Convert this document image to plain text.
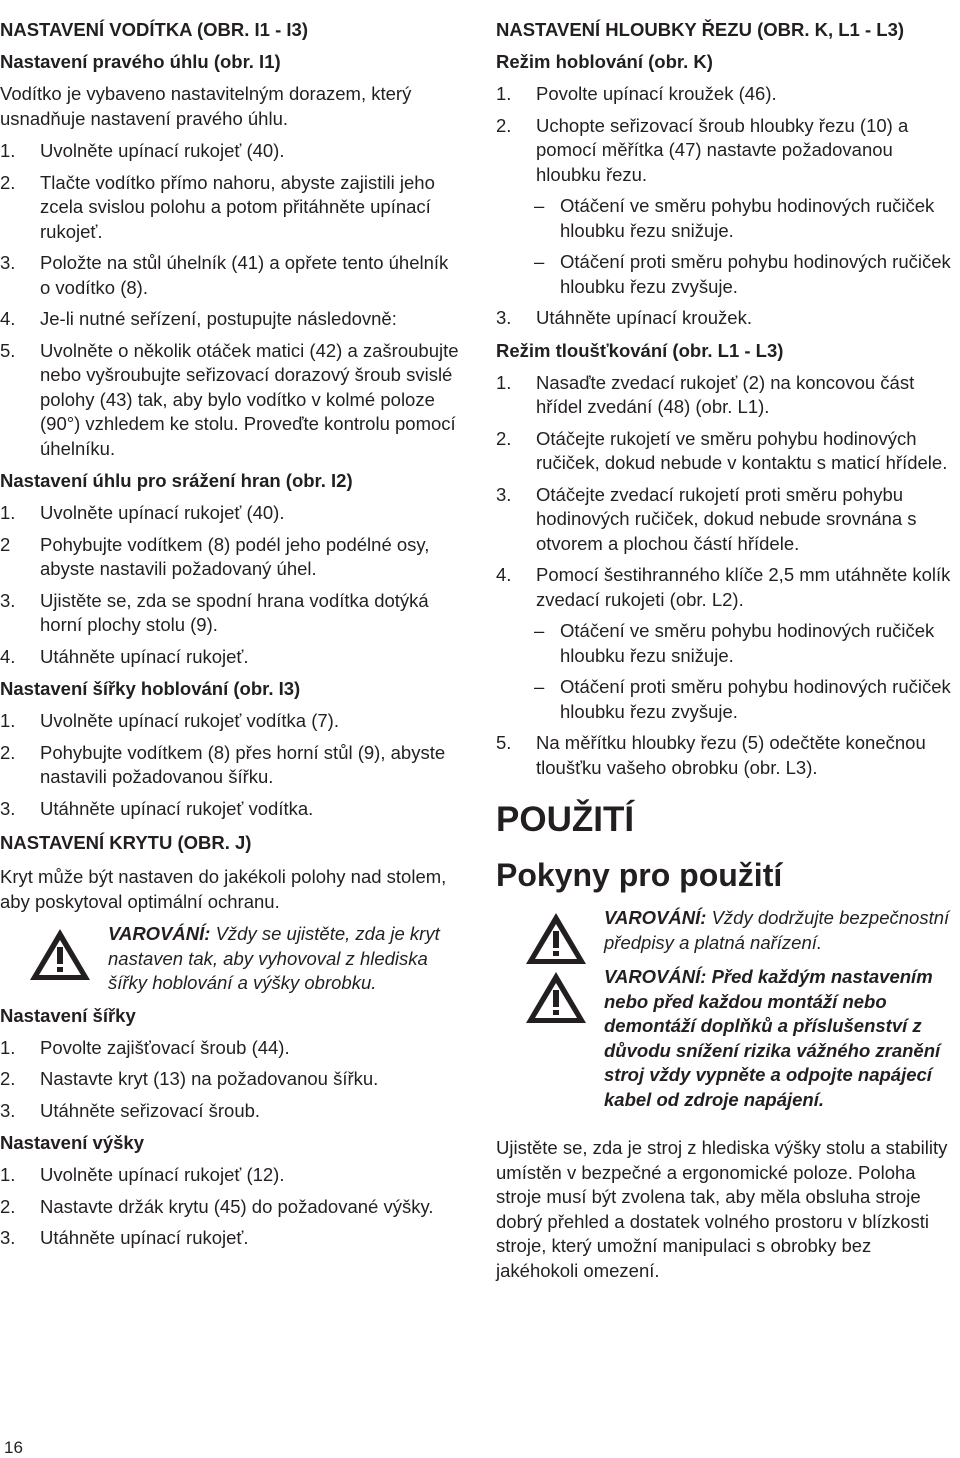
NASTAVENÍ VODÍTKA (OBR. I1 - I3)
Nastavení pravého úhlu (obr. I1)

Vodítko je vybaveno nastavitelným dorazem, který usnadňuje nastavení pravého úhlu.

1.	Uvolněte upínací rukojeť (40).
2.	Tlačte vodítko přímo nahoru, abyste zajistili jeho zcela svislou polohu a potom přitáhněte upínací rukojeť.
3.	Položte na stůl úhelník (41) a opřete tento úhelník o vodítko (8).
4.	Je-li nutné seřízení, postupujte následovně:
5.	Uvolněte o několik otáček matici (42) a zašroubujte nebo vyšroubujte seřizovací dorazový šroub svislé polohy (43) tak, aby bylo vodítko v kolmé poloze (90°) vzhledem ke stolu. Proveďte kontrolu pomocí úhelníku.
Nastavení úhlu pro srážení hran (obr. I2)
1.	Uvolněte upínací rukojeť (40).
2	Pohybujte vodítkem (8) podél jeho podélné osy, abyste nastavili požadovaný úhel.
3.	Ujistěte se, zda se spodní hrana vodítka dotýká horní plochy stolu (9).
4.	Utáhněte upínací rukojeť.
Nastavení šířky hoblování (obr. I3)
1.	Uvolněte upínací rukojeť vodítka (7).
2.	Pohybujte vodítkem (8) přes horní stůl (9), abyste nastavili požadovanou šířku.
3.	Utáhněte upínací rukojeť vodítka.
NASTAVENÍ KRYTU (OBR. J)

Kryt může být nastaven do jakékoli polohy nad stolem, aby poskytoval optimální ochranu.

VAROVÁNÍ: Vždy se ujistěte, zda je kryt nastaven tak, aby vyhovoval z hlediska šířky hoblování a výšky obrobku.

Nastavení šířky
1.	Povolte zajišťovací šroub (44).
2.	Nastavte kryt (13) na požadovanou šířku.
3.	Utáhněte seřizovací šroub.
Nastavení výšky
1.	Uvolněte upínací rukojeť (12).
2.	Nastavte držák krytu (45) do požadované výšky.
3.	Utáhněte upínací rukojeť.
NASTAVENÍ HLOUBKY ŘEZU (OBR. K, L1 - L3)
Režim hoblování (obr. K)
1.	Povolte upínací kroužek (46).
2.	Uchopte seřizovací šroub hloubky řezu (10) a pomocí měřítka (47) nastavte požadovanou hloubku řezu.
– Otáčení ve směru pohybu hodinových ručiček hloubku řezu snižuje.
– Otáčení proti směru pohybu hodinových ručiček hloubku řezu zvyšuje.
3.	Utáhněte upínací kroužek.
Režim tloušťkování (obr. L1 - L3)
1.	Nasaďte zvedací rukojeť (2) na koncovou část hřídel zvedání (48) (obr. L1).
2.	Otáčejte rukojetí ve směru pohybu hodinových ručiček, dokud nebude v kontaktu s maticí hřídele.
3.	Otáčejte zvedací rukojetí proti směru pohybu hodinových ručiček, dokud nebude srovnána s otvorem a plochou částí hřídele.
4.	Pomocí šestihranného klíče 2,5 mm utáhněte kolík zvedací rukojeti (obr. L2).
– Otáčení ve směru pohybu hodinových ručiček hloubku řezu snižuje.
– Otáčení proti směru pohybu hodinových ručiček hloubku řezu zvyšuje.
5.	Na měřítku hloubky řezu (5) odečtěte konečnou tloušťku vašeho obrobku (obr. L3).
POUŽITÍ
Pokyny pro použití

VAROVÁNÍ: Vždy dodržujte bezpečnostní předpisy a platná nařízení.

VAROVÁNÍ: Před každým nastavením nebo před každou montáží nebo demontáží doplňků a příslušenství z důvodu snížení rizika vážného zranění stroj vždy vypněte a odpojte napájecí kabel od zdroje napájení.

Ujistěte se, zda je stroj z hlediska výšky stolu a stability umístěn v bezpečné a ergonomické poloze. Poloha stroje musí být zvolena tak, aby měla obsluha stroje dobrý přehled a dostatek volného prostoru v blízkosti stroje, který umožní manipulaci s obrobky bez jakéhokoli omezení.

16
